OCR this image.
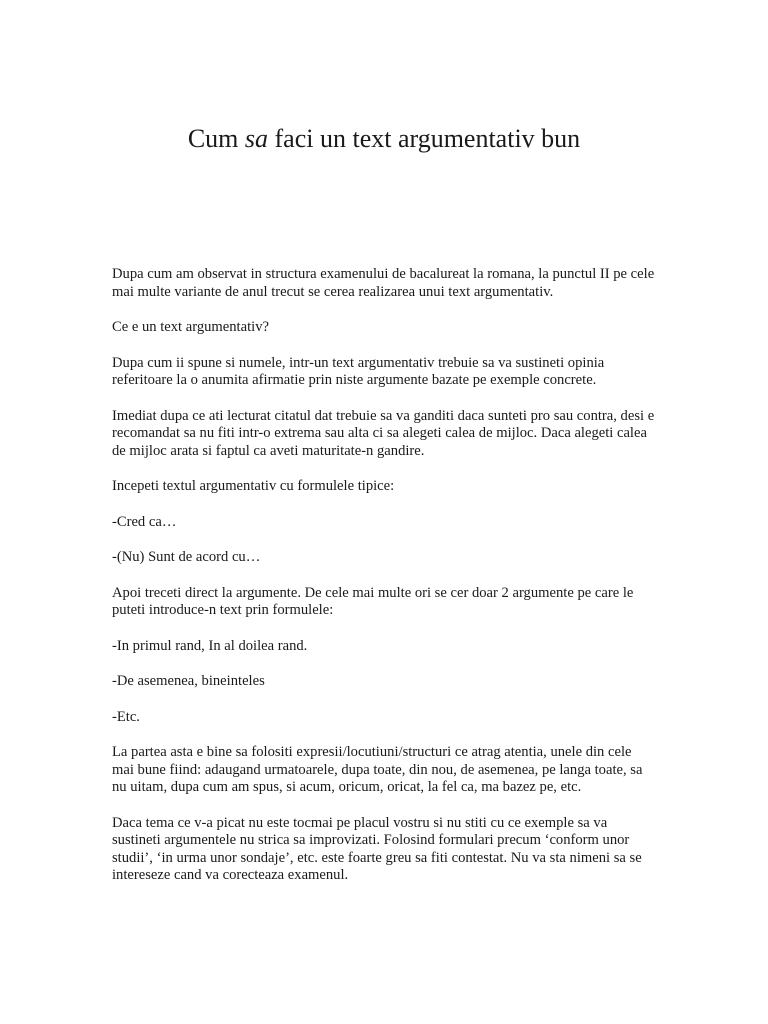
Cum sa faci un text argumentativ bun

Dupa cum am observat in structura examenului de bacalureat la romana, la punctul II pe cele mai multe variante de anul trecut se cerea realizarea unui text argumentativ.

Ce e un text argumentativ?

Dupa cum ii spune si numele, intr-un text argumentativ trebuie sa va sustineti opinia referitoare la o anumita afirmatie prin niste argumente bazate pe exemple concrete.

Imediat dupa ce ati lecturat citatul dat trebuie sa va ganditi daca sunteti pro sau contra, desi e recomandat sa nu fiti intr-o extrema sau alta ci sa alegeti calea de mijloc. Daca alegeti calea de mijloc arata si faptul ca aveti maturitate-n gandire.

Incepeti textul argumentativ cu formulele tipice:

-Cred ca…

-(Nu) Sunt de acord cu…

Apoi treceti direct la argumente. De cele mai multe ori se cer doar 2 argumente pe care le puteti introduce-n text prin formulele:

-In primul rand, In al doilea rand.

-De asemenea, bineinteles

-Etc.

La partea asta e bine sa folositi expresii/locutiuni/structuri ce atrag atentia, unele din cele mai bune fiind: adaugand urmatoarele, dupa toate, din nou, de asemenea, pe langa toate, sa nu uitam, dupa cum am spus, si acum, oricum, oricat, la fel ca, ma bazez pe, etc.

Daca tema ce v-a picat nu este tocmai pe placul vostru si nu stiti cu ce exemple sa va sustineti argumentele nu strica sa improvizati. Folosind formulari precum ‘conform unor studii’, ‘in urma unor sondaje’, etc. este foarte greu sa fiti contestat. Nu va sta nimeni sa se intereseze cand va corecteaza examenul.
